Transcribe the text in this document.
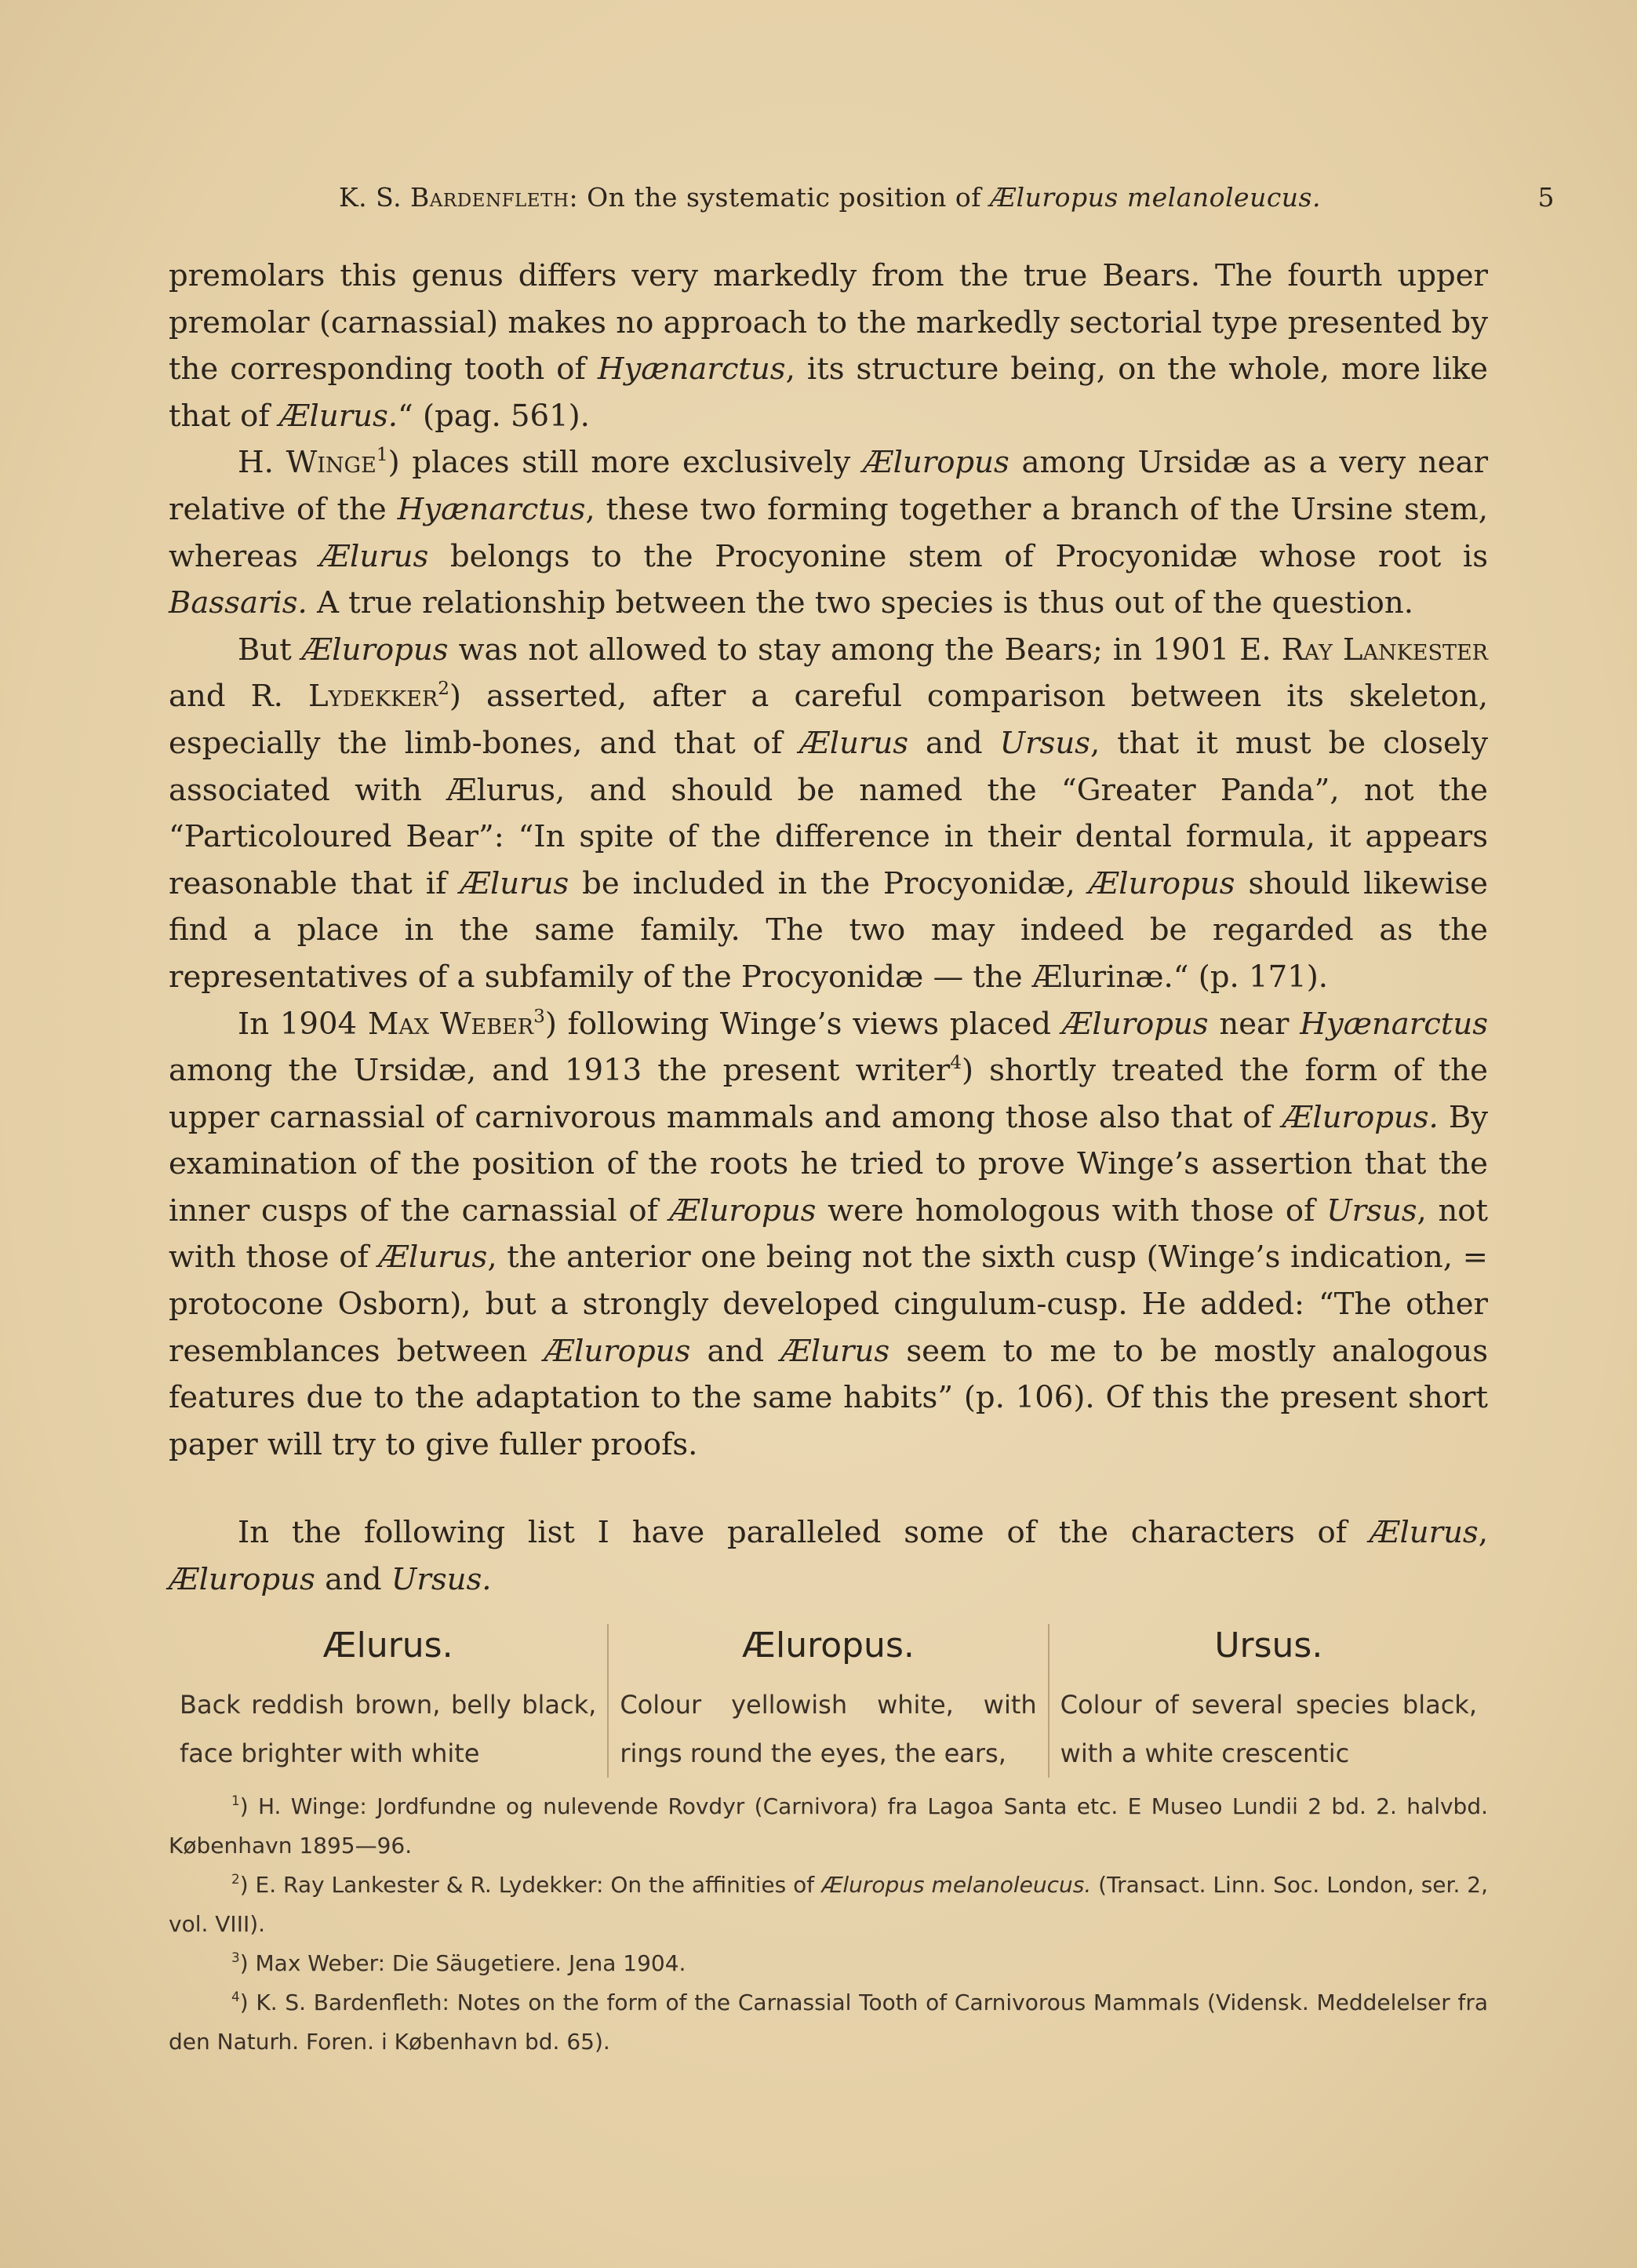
K. S. Bardenfleth: On the systematic position of Æluropus melanoleucus.	5

premolars this genus differs very markedly from the true Bears. The fourth upper premolar (carnassial) makes no approach to the markedly sectorial type presented by the corresponding tooth of Hyænarctus, its structure being, on the whole, more like that of Ælurus.“ (pag. 561).

H. Winge$^1$) places still more exclusively Æluropus among Ursidæ as a very near relative of the Hyænarctus, these two forming together a branch of the Ursine stem, whereas Ælurus belongs to the Procyonine stem of Procyonidæ whose root is Bassaris. A true relationship between the two species is thus out of the question.

But Æluropus was not allowed to stay among the Bears; in 1901 E. Ray Lankester and R. Lydekker$^2$) asserted, after a careful comparison between its skeleton, especially the limb-bones, and that of Ælurus and Ursus, that it must be closely associated with Ælurus, and should be named the “Greater Panda”, not the “Particoloured Bear”: “In spite of the difference in their dental formula, it appears reasonable that if Ælurus be included in the Procyonidæ, Æluropus should likewise find a place in the same family. The two may indeed be regarded as the representatives of a subfamily of the Procyonidæ — the Ælurinæ.“ (p. 171).

In 1904 Max Weber$^3$) following Winge’s views placed Æluropus near Hyænarctus among the Ursidæ, and 1913 the present writer$^4$) shortly treated the form of the upper carnassial of carnivorous mammals and among those also that of Æluropus. By examination of the position of the roots he tried to prove Winge’s assertion that the inner cusps of the carnassial of Æluropus were homologous with those of Ursus, not with those of Ælurus, the anterior one being not the sixth cusp (Winge’s indication, = protocone Osborn), but a strongly developed cingulum-cusp. He added: “The other resemblances between Æluropus and Ælurus seem to me to be mostly analogous features due to the adaptation to the same habits” (p. 106). Of this the present short paper will try to give fuller proofs.

In the following list I have paralleled some of the characters of Ælurus, Æluropus and Ursus.

Ælurus.

Back reddish brown, belly black, face brighter with white

Æluropus.

Colour yellowish white, with rings round the eyes, the ears,

Ursus.

Colour of several species black, with a white crescentic

$^1$) H. Winge: Jordfundne og nulevende Rovdyr (Carnivora) fra Lagoa Santa etc. E Museo Lundii 2 bd. 2. halvbd. København 1895—96.

$^2$) E. Ray Lankester & R. Lydekker: On the affinities of Æluropus melanoleucus. (Transact. Linn. Soc. London, ser. 2, vol. VIII).

$^3$) Max Weber: Die Säugetiere. Jena 1904.

$^4$) K. S. Bardenfleth: Notes on the form of the Carnassial Tooth of Carnivorous Mammals (Vidensk. Meddelelser fra den Naturh. Foren. i København bd. 65).
